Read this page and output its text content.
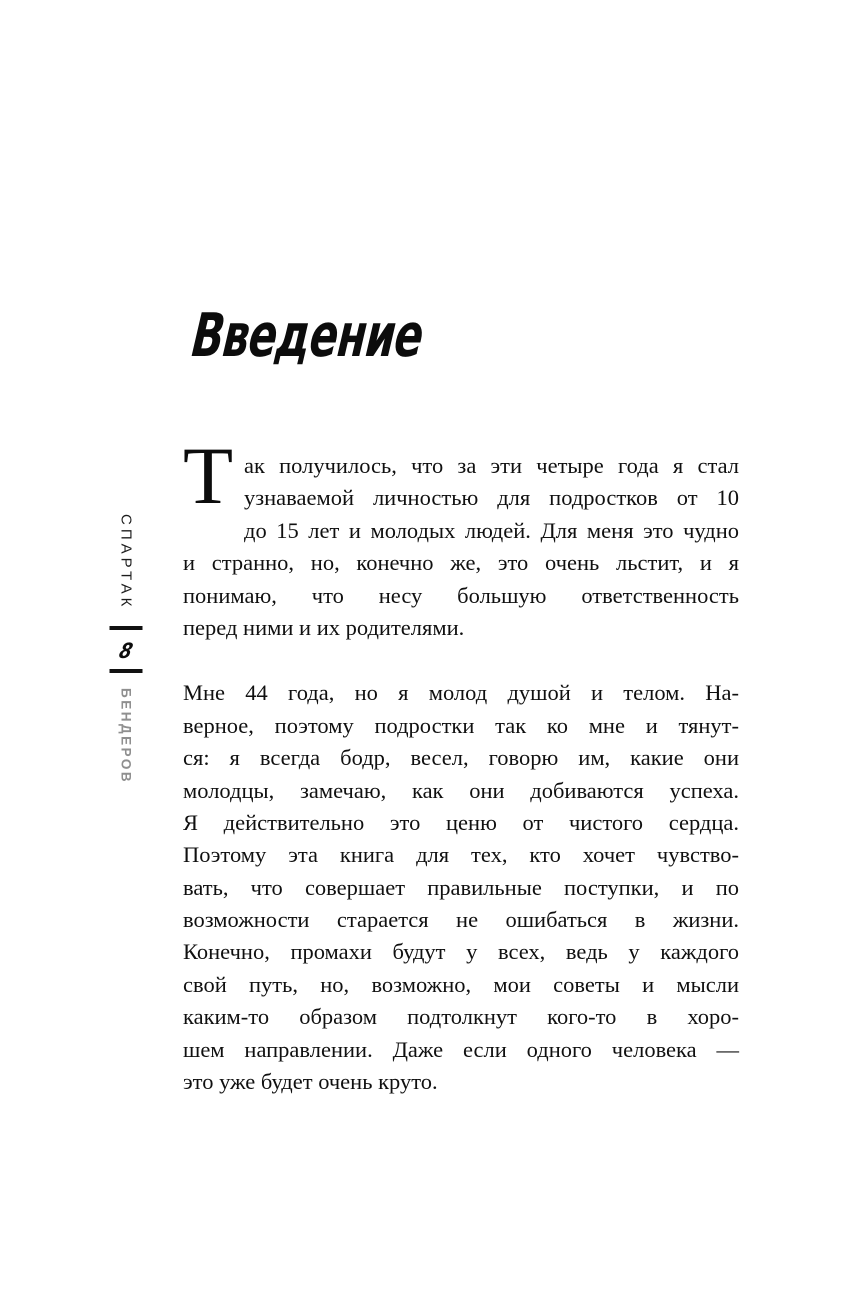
СПАРТАК
8
БЕНДЕРОВ
Введение

Т ак получилось, что за эти четыре года я стал
узнаваемой личностью для подростков от 10
до 15 лет и молодых людей. Для меня это чудно
и странно, но, конечно же, это очень льстит, и я
понимаю, что несу большую ответственность
перед ними и их родителями.

Мне 44 года, но я молод душой и телом. На-
верное, поэтому подростки так ко мне и тянут-
ся: я всегда бодр, весел, говорю им, какие они
молодцы, замечаю, как они добиваются успеха.
Я действительно это ценю от чистого сердца.
Поэтому эта книга для тех, кто хочет чувство-
вать, что совершает правильные поступки, и по
возможности старается не ошибаться в жизни.
Конечно, промахи будут у всех, ведь у каждого
свой путь, но, возможно, мои советы и мысли
каким-то образом подтолкнут кого-то в хоро-
шем направлении. Даже если одного человека —
это уже будет очень круто.
